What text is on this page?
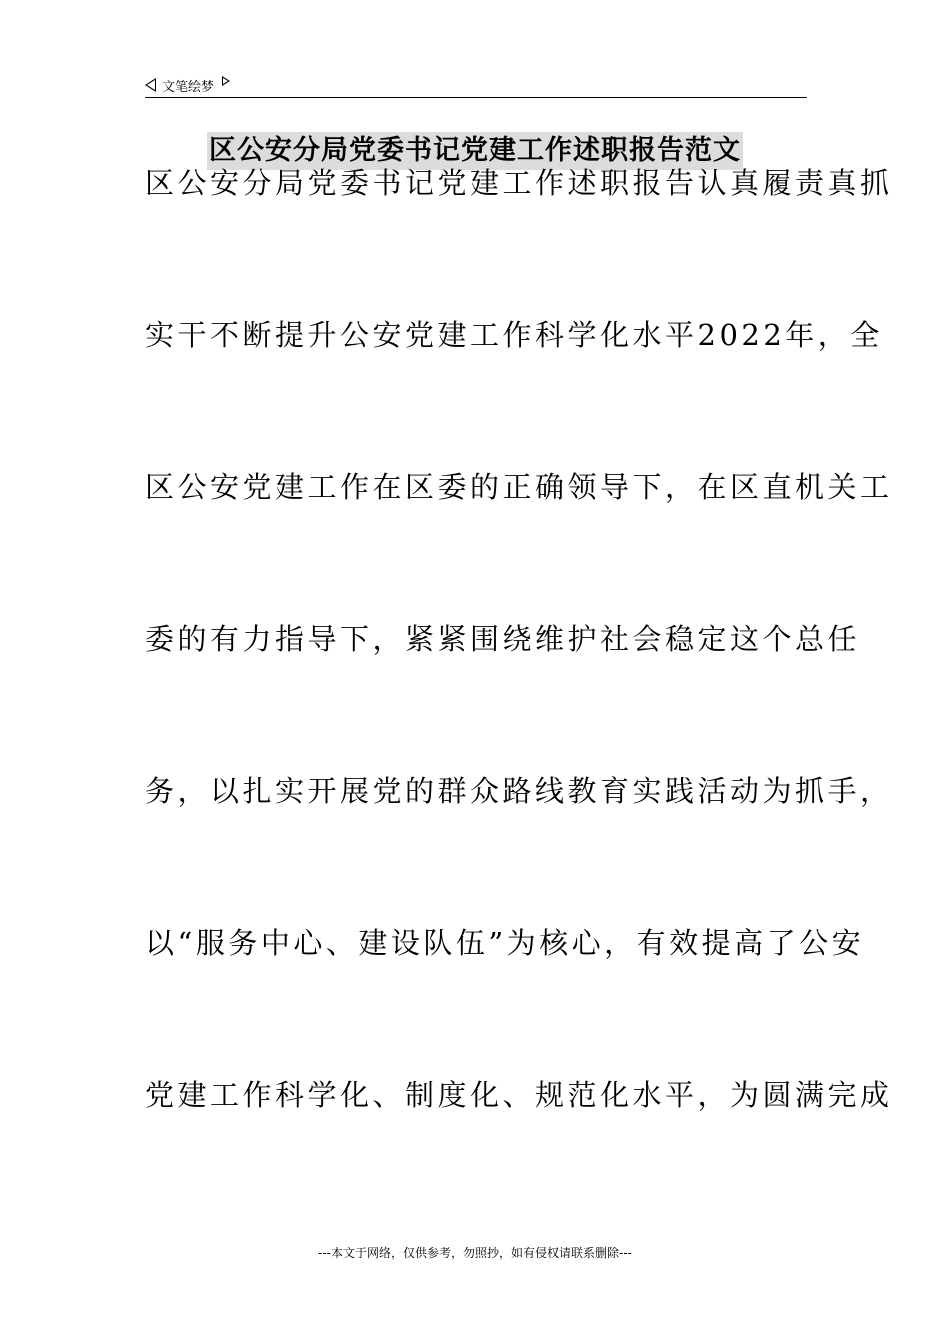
文笔绘梦
区公安分局党委书记党建工作述职报告范文
区公安分局党委书记党建工作述职报告认真履责真抓
实干不断提升公安党建工作科学化水平2022年，全
区公安党建工作在区委的正确领导下，在区直机关工
委的有力指导下，紧紧围绕维护社会稳定这个总任
务，以扎实开展党的群众路线教育实践活动为抓手，
以“服务中心、建设队伍”为核心，有效提高了公安
党建工作科学化、制度化、规范化水平，为圆满完成
---本文于网络，仅供参考，勿照抄，如有侵权请联系删除---
